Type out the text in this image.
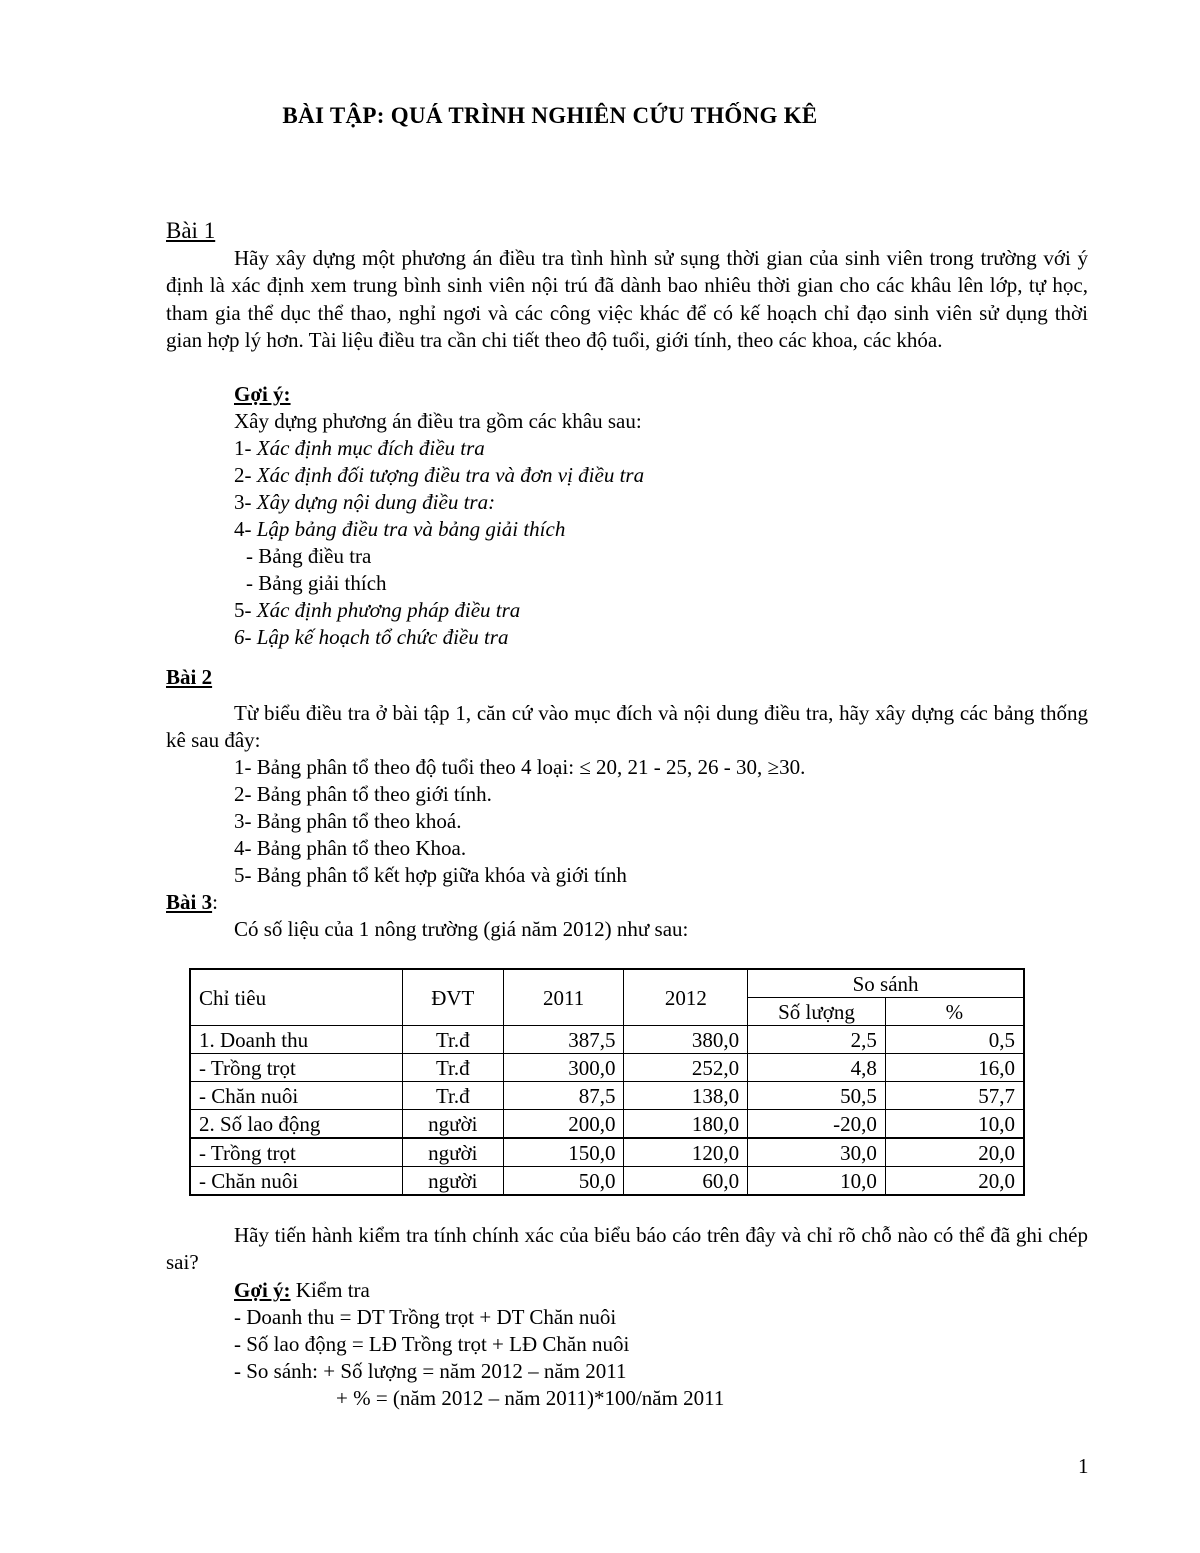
BÀI TẬP: QUÁ TRÌNH NGHIÊN CỨU THỐNG KÊ
Bài 1
Hãy xây dựng một phương án điều tra tình hình sử sụng thời gian của sinh viên trong trường với ý định là xác định xem trung bình sinh viên nội trú đã dành bao nhiêu thời gian cho các khâu lên lớp, tự học, tham gia thể dục thể thao, nghỉ ngơi và các công việc khác để có kế hoạch chỉ đạo sinh viên sử dụng thời gian hợp lý hơn. Tài liệu điều tra cần chi tiết theo độ tuổi, giới tính, theo các khoa, các khóa.
Gợi ý:
Xây dựng phương án điều tra gồm các khâu sau:
1- Xác định mục đích điều tra
2- Xác định đối tượng điều tra và đơn vị điều tra
3- Xây dựng nội dung điều tra:
4- Lập bảng điều tra và bảng giải thích
- Bảng điều tra
- Bảng giải thích
5- Xác định phương pháp điều tra
6- Lập kế hoạch tổ chức điều tra
Bài 2
Từ biểu điều tra ở bài tập 1, căn cứ vào mục đích và nội dung điều tra, hãy xây dựng các bảng thống kê sau đây:
1- Bảng phân tổ theo độ tuổi theo 4 loại: ≤ 20, 21 - 25, 26 - 30, ≥30.
2- Bảng phân tổ theo giới tính.
3- Bảng phân tổ theo khoá.
4- Bảng phân tổ theo Khoa.
5- Bảng phân tổ kết hợp giữa khóa và giới tính
Bài 3:
Có số liệu của 1 nông trường (giá năm 2012) như sau:
Chỉ tiêu	ĐVT	2011	2012	So sánh	
				Số lượng	%
1. Doanh thu	Tr.đ	387,5	380,0	2,5	0,5
- Trồng trọt	Tr.đ	300,0	252,0	4,8	16,0
- Chăn nuôi	Tr.đ	87,5	138,0	50,5	57,7
2. Số lao động	người	200,0	180,0	-20,0	10,0
- Trồng trọt	người	150,0	120,0	30,0	20,0
- Chăn nuôi	người	50,0	60,0	10,0	20,0
Hãy tiến hành kiểm tra tính chính xác của biểu báo cáo trên đây và chỉ rõ chỗ nào có thể đã ghi chép sai?
Gợi ý: Kiểm tra
- Doanh thu = DT Trồng trọt + DT Chăn nuôi
- Số lao động = LĐ Trồng trọt + LĐ Chăn nuôi
- So sánh: + Số lượng = năm 2012 – năm 2011
+ % = (năm 2012 – năm 2011)*100/năm 2011
1
